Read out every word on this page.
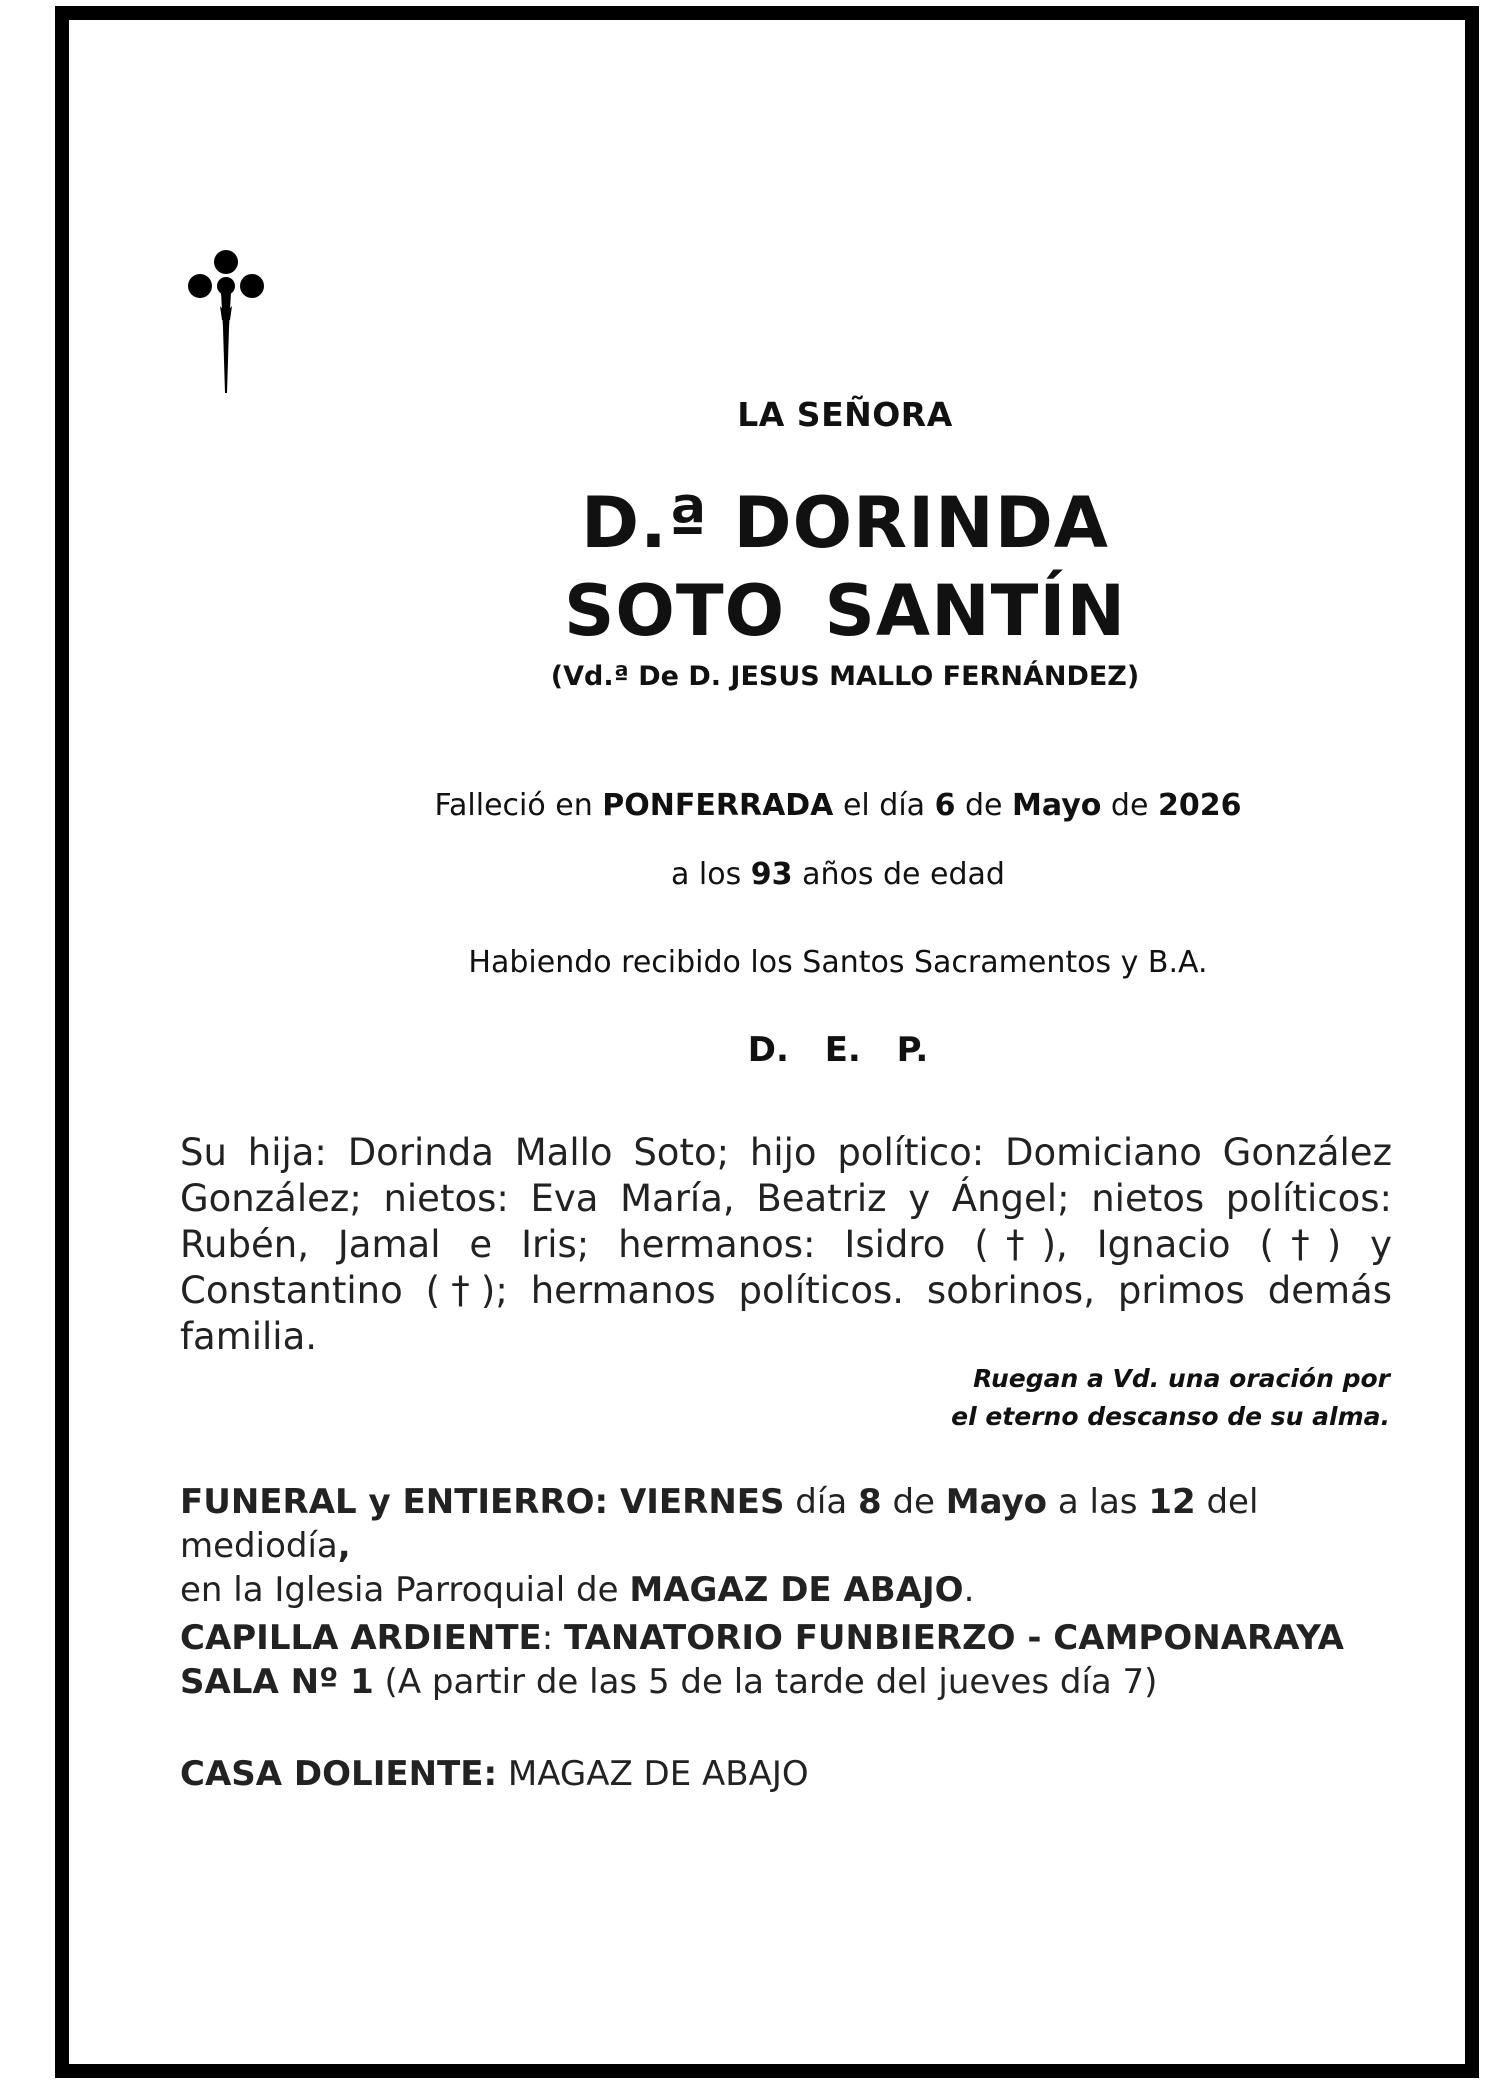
LA SEÑORA
D.ª DORINDA
SOTO SANTÍN
(Vd.ª De D. JESUS MALLO FERNÁNDEZ)
Falleció en PONFERRADA el día 6 de Mayo de 2026
a los 93 años de edad
Habiendo recibido los Santos Sacramentos y B.A.
D. E. P.
Su hija: Dorinda Mallo Soto; hijo político: Domiciano González González; nietos: Eva María, Beatriz y Ángel; nietos políticos: Rubén, Jamal e Iris; hermanos: Isidro (†), Ignacio (†) y Constantino (†); hermanos políticos. sobrinos, primos demás familia.
Ruegan a Vd. una oración por
el eterno descanso de su alma.
FUNERAL y ENTIERRO: VIERNES día 8 de Mayo a las 12 del mediodía,
en la Iglesia Parroquial de MAGAZ DE ABAJO.
CAPILLA ARDIENTE: TANATORIO FUNBIERZO - CAMPONARAYA
SALA Nº 1 (A partir de las 5 de la tarde del jueves día 7)
CASA DOLIENTE: MAGAZ DE ABAJO
